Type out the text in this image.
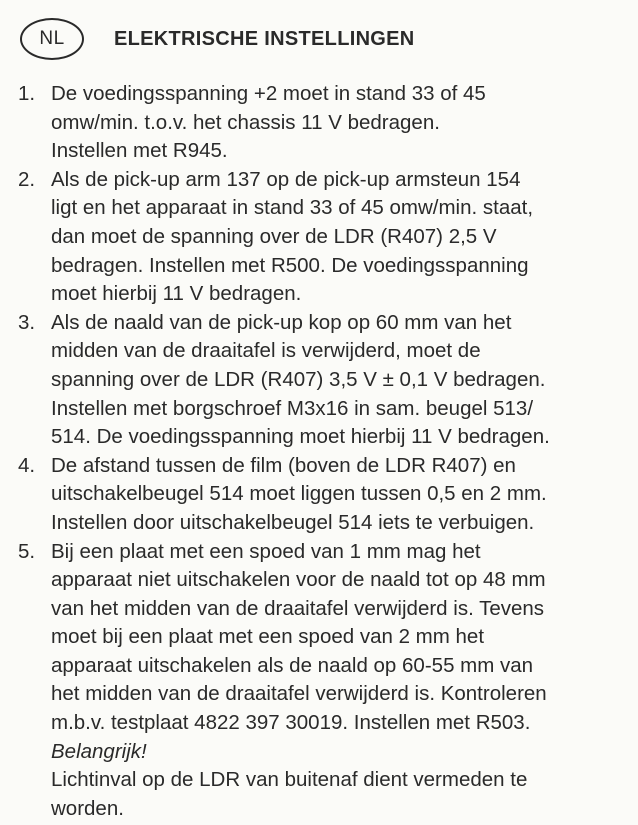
NL	ELEKTRISCHE INSTELLINGEN
1. De voedingsspanning +2 moet in stand 33 of 45
omw/min. t.o.v. het chassis 11 V bedragen.
Instellen met R945.
2. Als de pick-up arm 137 op de pick-up armsteun 154
ligt en het apparaat in stand 33 of 45 omw/min. staat,
dan moet de spanning over de LDR (R407) 2,5 V
bedragen. Instellen met R500. De voedingsspanning
moet hierbij 11 V bedragen.
3. Als de naald van de pick-up kop op 60 mm van het
midden van de draaitafel is verwijderd, moet de
spanning over de LDR (R407) 3,5 V ± 0,1 V bedragen.
Instellen met borgschroef M3x16 in sam. beugel 513/
514. De voedingsspanning moet hierbij 11 V bedragen.
4. De afstand tussen de film (boven de LDR R407) en
uitschakelbeugel 514 moet liggen tussen 0,5 en 2 mm.
Instellen door uitschakelbeugel 514 iets te verbuigen.
5. Bij een plaat met een spoed van 1 mm mag het
apparaat niet uitschakelen voor de naald tot op 48 mm
van het midden van de draaitafel verwijderd is. Tevens
moet bij een plaat met een spoed van 2 mm het
apparaat uitschakelen als de naald op 60-55 mm van
het midden van de draaitafel verwijderd is. Kontroleren
m.b.v. testplaat 4822 397 30019. Instellen met R503.
Belangrijk!
Lichtinval op de LDR van buitenaf dient vermeden te
worden.
